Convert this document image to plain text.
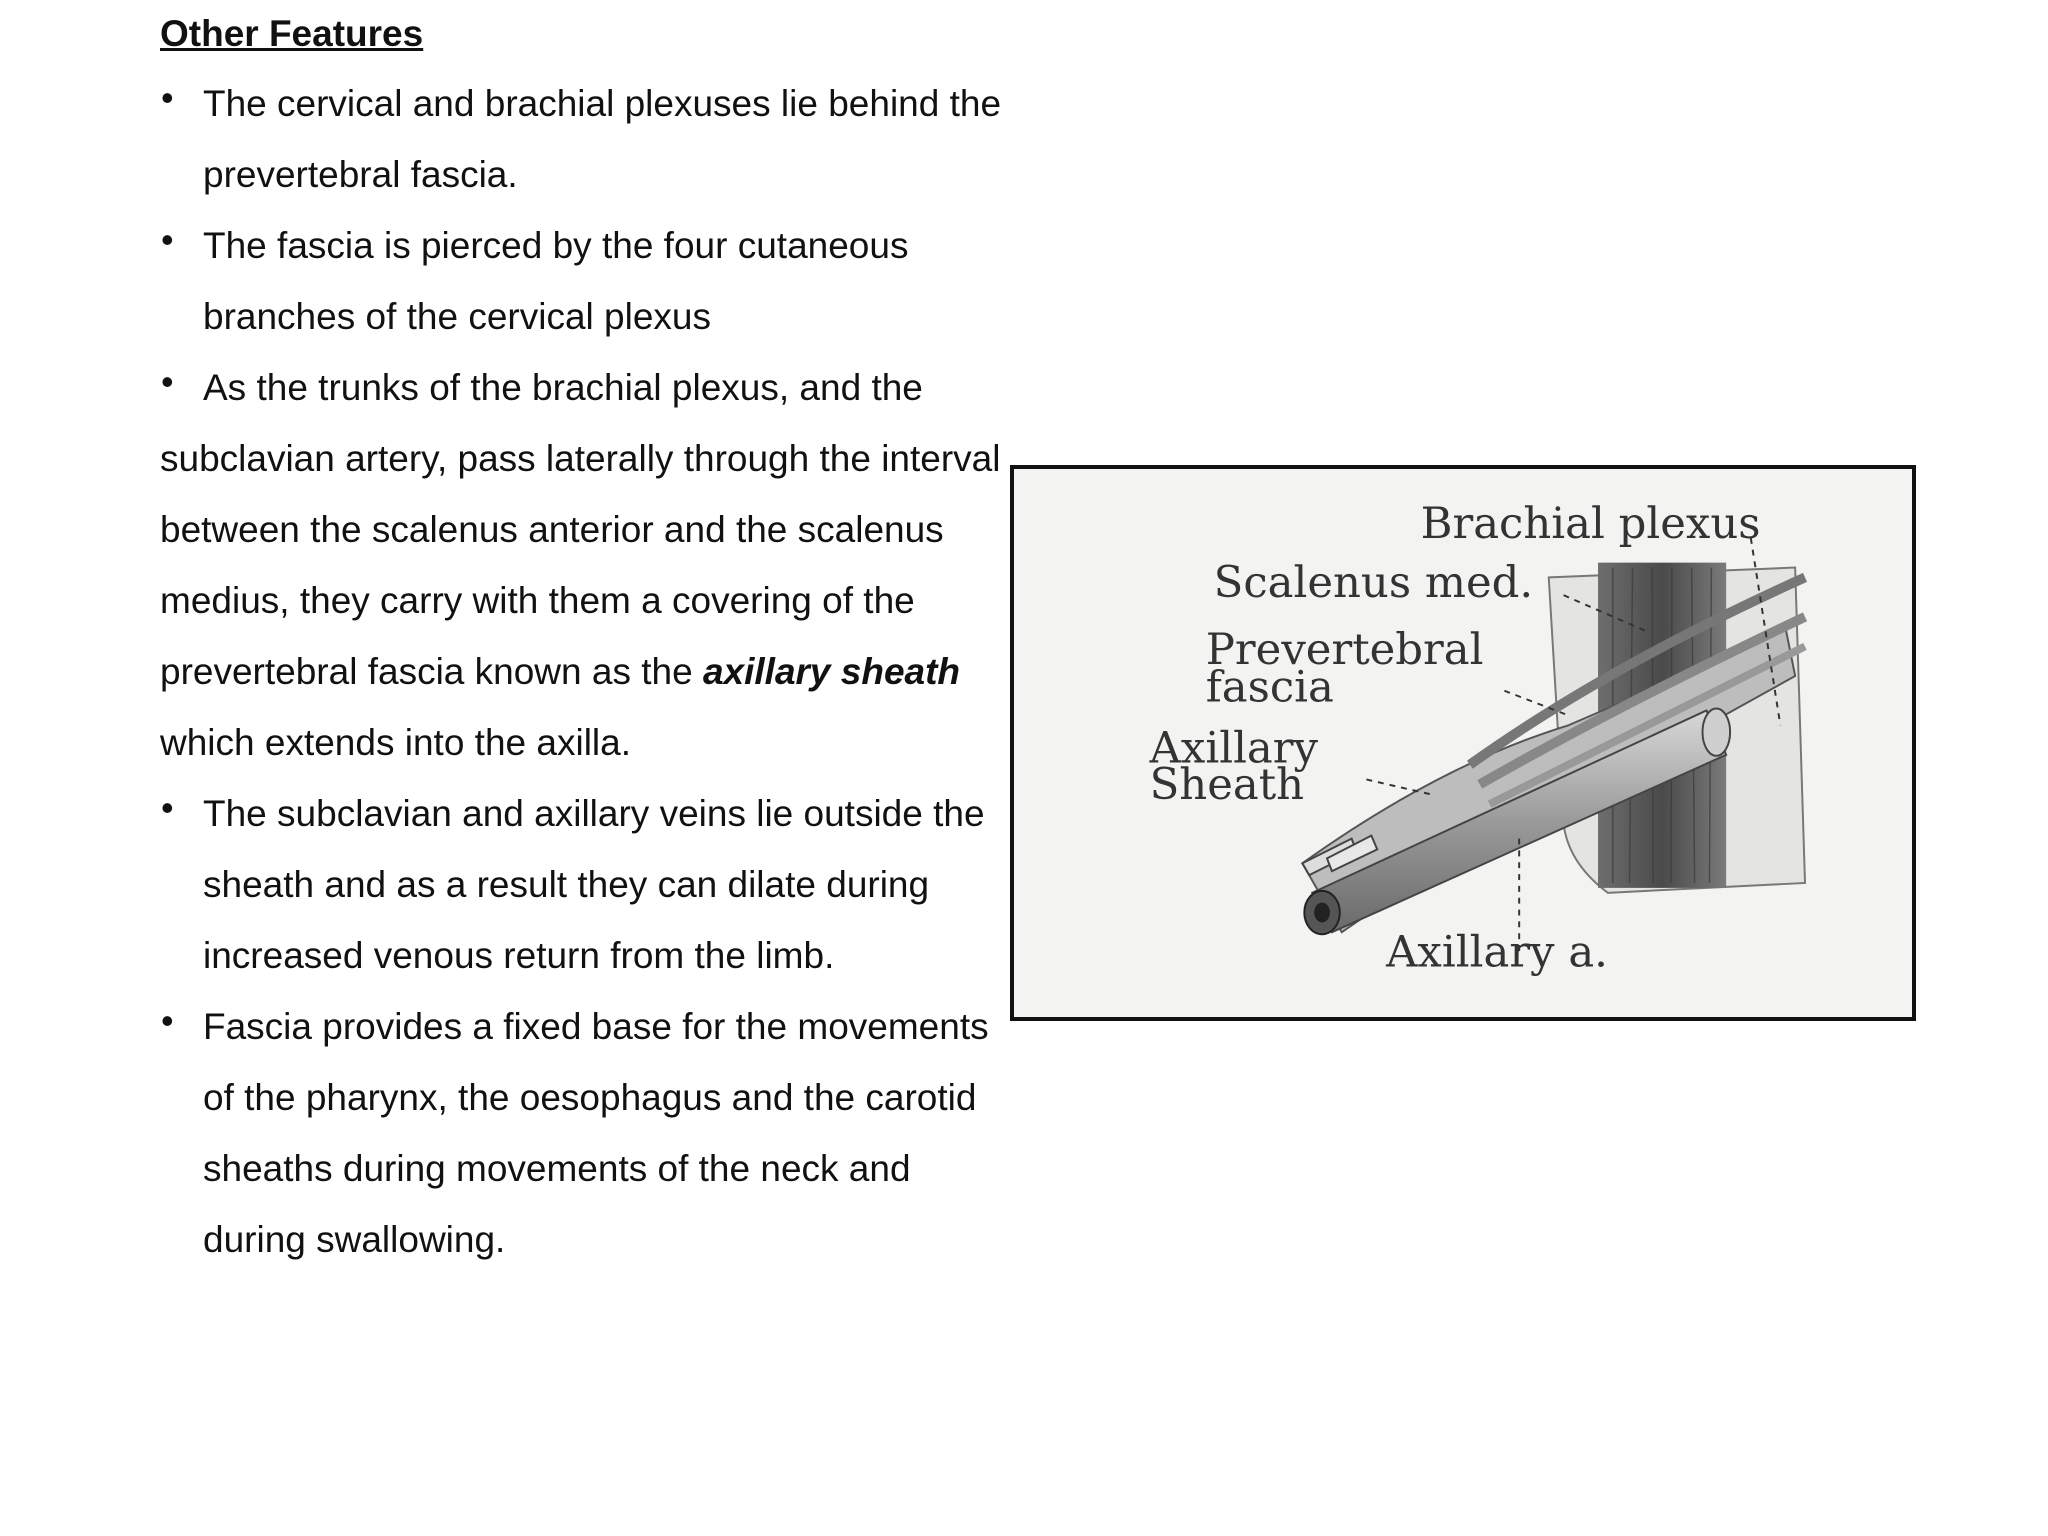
Other Features

• The cervical and brachial plexuses lie behind the prevertebral fascia.

• The fascia is pierced by the four cutaneous branches of the cervical plexus

• As the trunks of the brachial plexus, and the
subclavian artery, pass laterally through the interval between the scalenus anterior and the scalenus medius, they carry with them a covering of the prevertebral fascia known as the axillary sheath which extends into the axilla.

• The subclavian and axillary veins lie outside the sheath and as a result they can dilate during increased venous return from the limb.

• Fascia provides a fixed base for the movements of the pharynx, the oesophagus and the carotid sheaths during movements of the neck and during swallowing.

Brachial plexus
Scalenus med.
Prevertebral
fascia
Axillary
Sheath
Axillary a.
